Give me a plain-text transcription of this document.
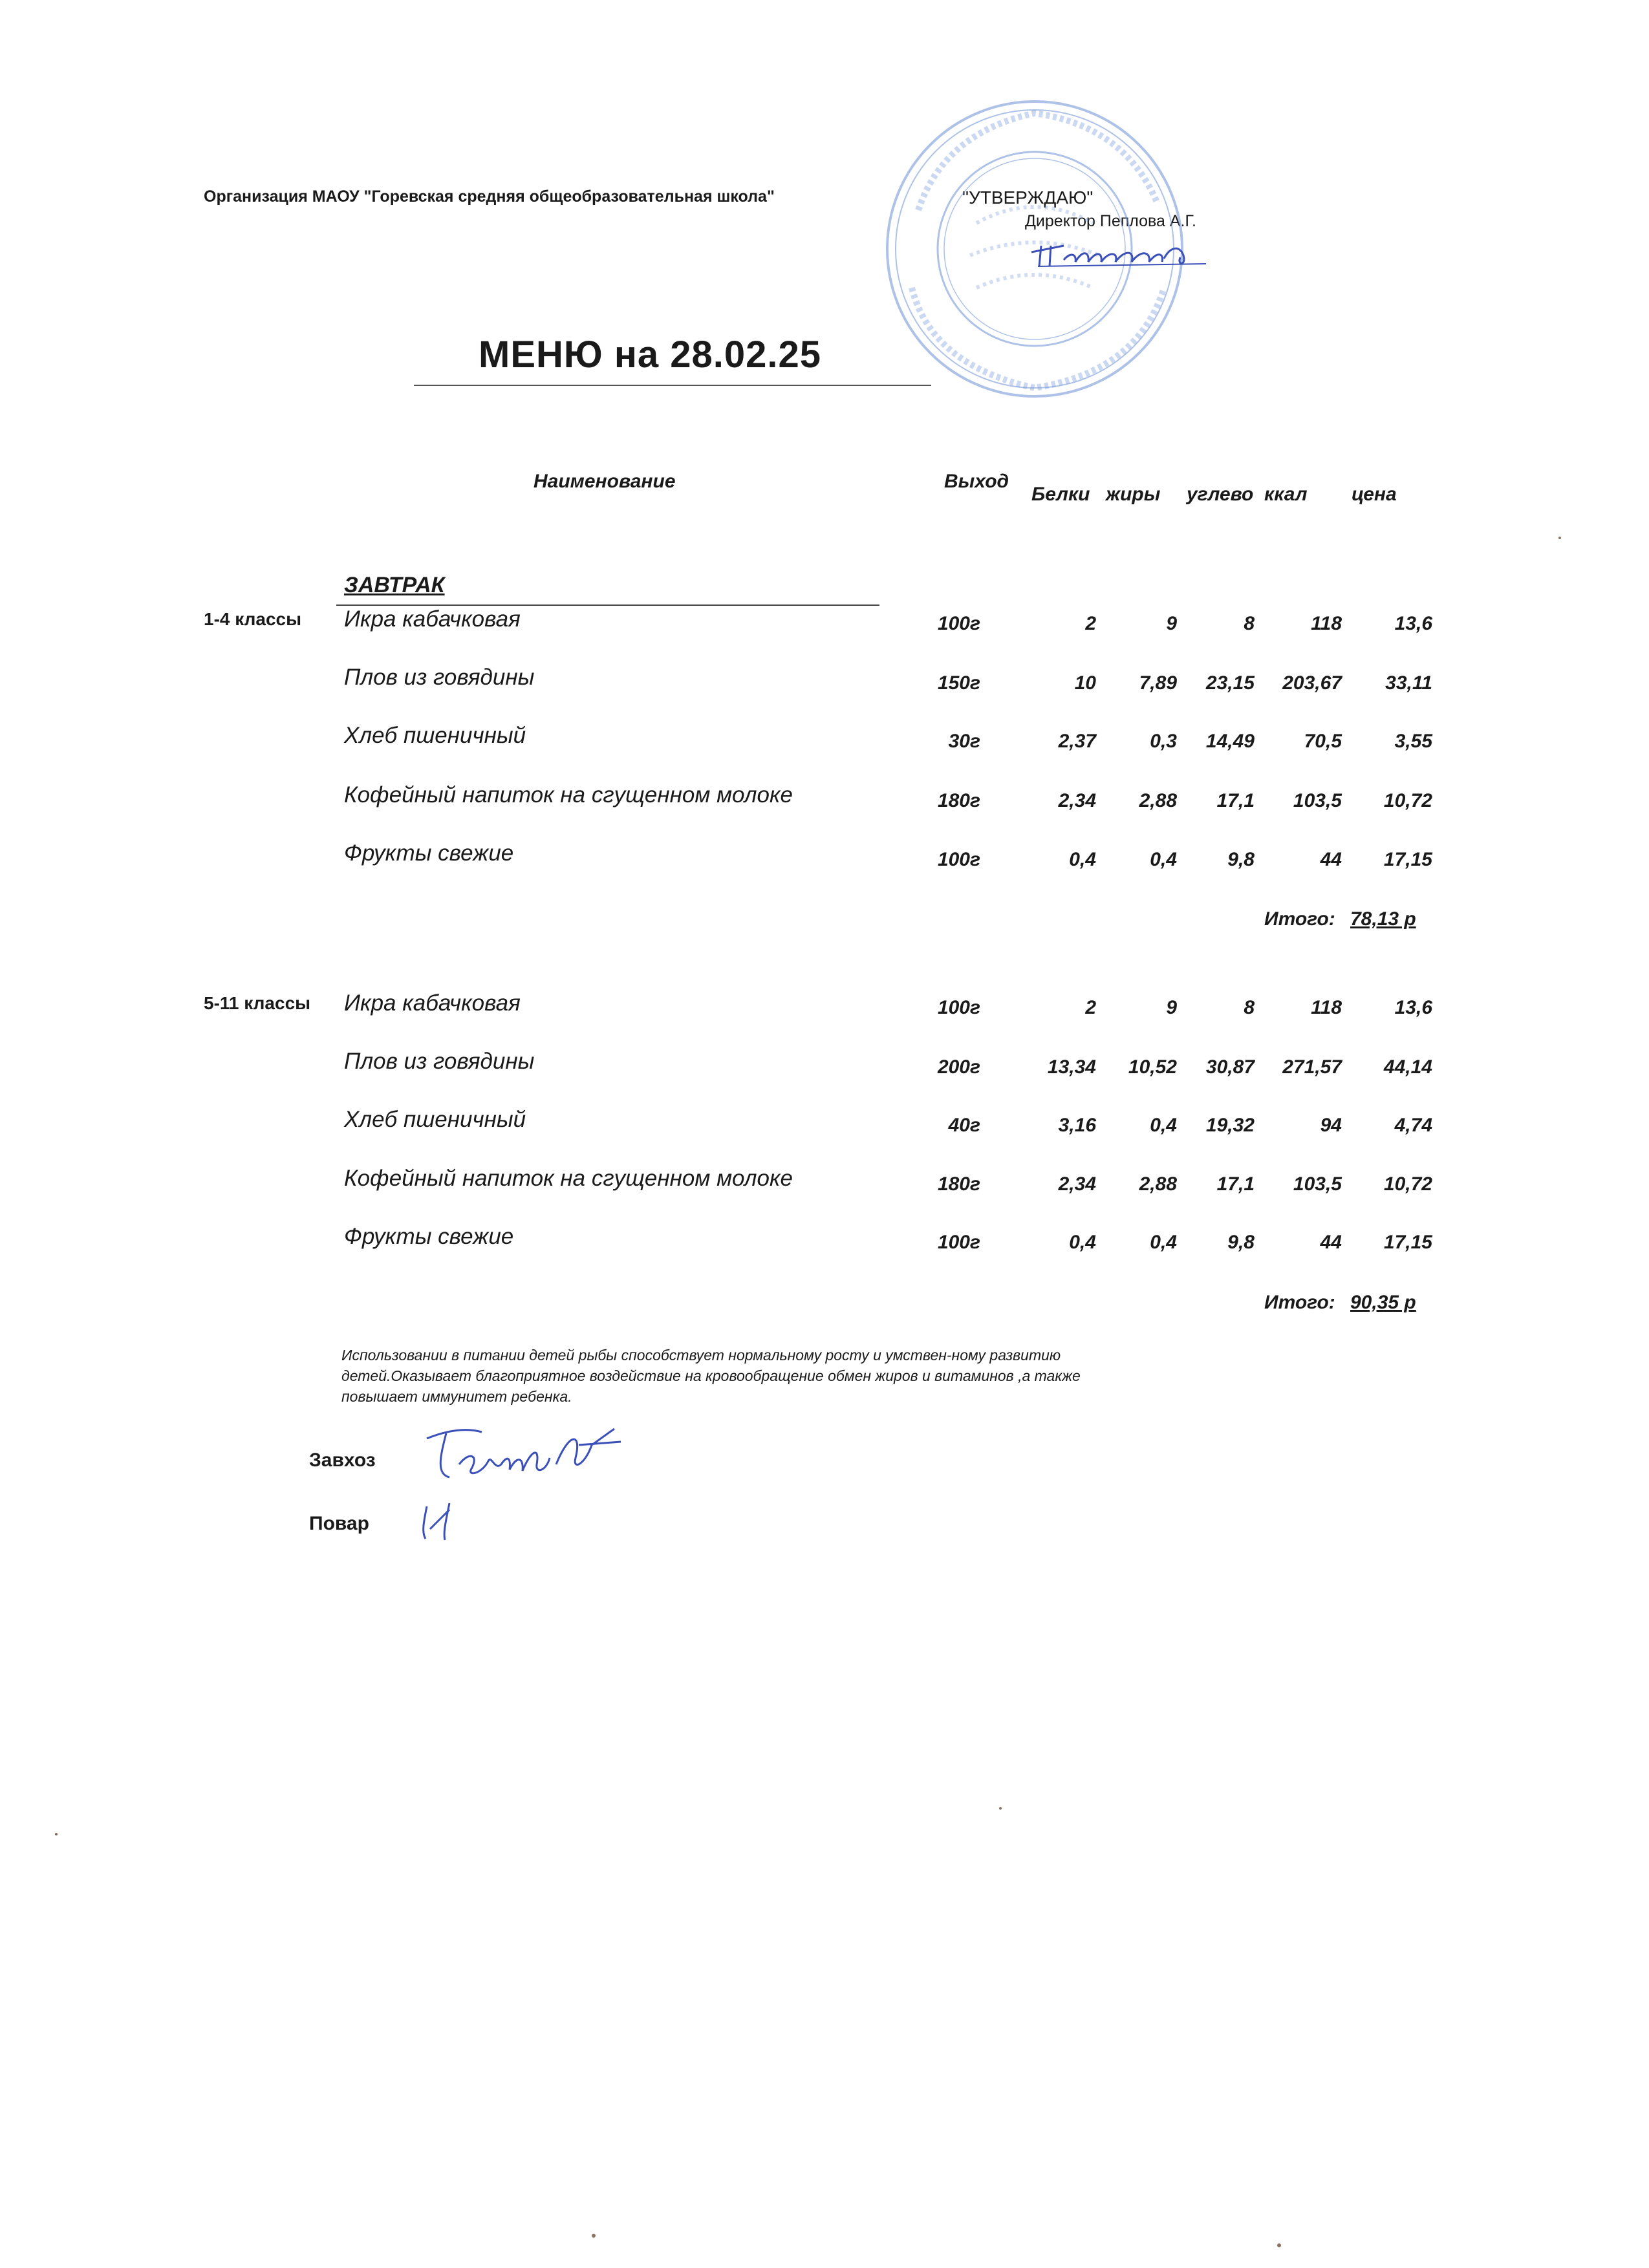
Организация МАОУ "Горевская средняя общеобразовательная школа"	"УТВЕРЖДАЮ"
Директор Пеплова А.Г.
МЕНЮ на 28.02.25
Наименование	Выход
Белки жиры углево ккал цена
ЗАВТРАК
1-4 классы Икра кабачковая	100 г	2	9	8	118	13,6
Плов из говядины	150 г	10	7,89	23,15	203,67	33,11
Хлеб пшеничный	30 г	2,37	0,3	14,49	70,5	3,55
Кофейный напиток на сгущенном молоке	180 г	2,34	2,88	17,1	103,5	10,72
Фрукты свежие	100 г	0,4	0,4	9,8	44	17,15
Итого: 78,13 р
5-11 классы Икра кабачковая	100 г	2	9	8	118	13,6
Плов из говядины	200 г	13,34	10,52	30,87	271,57	44,14
Хлеб пшеничный	40 г	3,16	0,4	19,32	94	4,74
Кофейный напиток на сгущенном молоке	180 г	2,34	2,88	17,1	103,5	10,72
Фрукты свежие	100 г	0,4	0,4	9,8	44	17,15
Итого: 90,35 р
Использовании в питании детей рыбы способствует нормальному росту и умствен-ному развитию детей.Оказывает благоприятное воздействие на кровообращение обмен жиров и витаминов ,а также повышает иммунитет ребенка.
Завхоз
Повар
